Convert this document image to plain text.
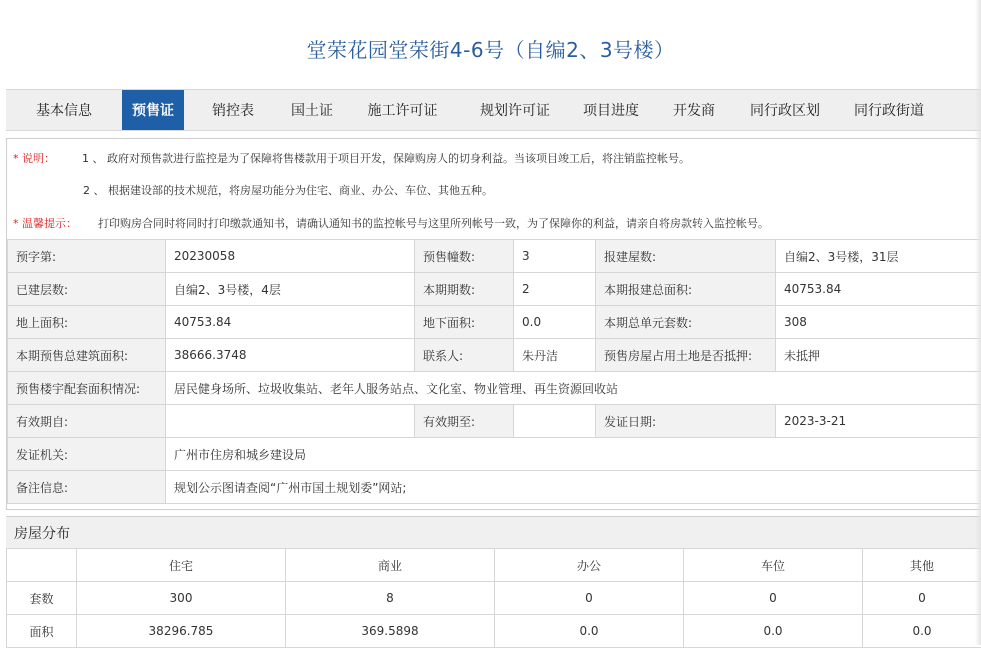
堂荣花园堂荣街4-6号（自编2、3号楼）
基本信息	预售证	销控表	国土证	施工许可证	规划许可证	项目进度	开发商	同行政区划	同行政街道
* 说明： 1 、 政府对预售款进行监控是为了保障将售楼款用于项目开发，保障购房人的切身利益。当该项目竣工后，将注销监控帐号。
2 、 根据建设部的技术规范，将房屋功能分为住宅、商业、办公、车位、其他五种。
* 温馨提示： 打印购房合同时将同时打印缴款通知书，请确认通知书的监控帐号与这里所列帐号一致，为了保障你的利益，请亲自将房款转入监控帐号。
预字第:	20230058	预售幢数:	3	报建屋数:	自编2、3号楼，31层
已建层数:	自编2、3号楼，4层	本期期数:	2	本期报建总面积:	40753.84
地上面积:	40753.84	地下面积:	0.0	本期总单元套数:	308
本期预售总建筑面积:	38666.3748	联系人:	朱丹洁	预售房屋占用土地是否抵押:	未抵押
预售楼宇配套面积情况:	居民健身场所、垃圾收集站、老年人服务站点、文化室、物业管理、再生资源回收站				
有效期自:		有效期至:		发证日期:	2023-3-21
发证机关:	广州市住房和城乡建设局				
备注信息:	规划公示图请查阅“广州市国土规划委”网站;				
房屋分布
	住宅	商业	办公	车位	其他
套数	300	8	0	0	0
面积	38296.785	369.5898	0.0	0.0	0.0
